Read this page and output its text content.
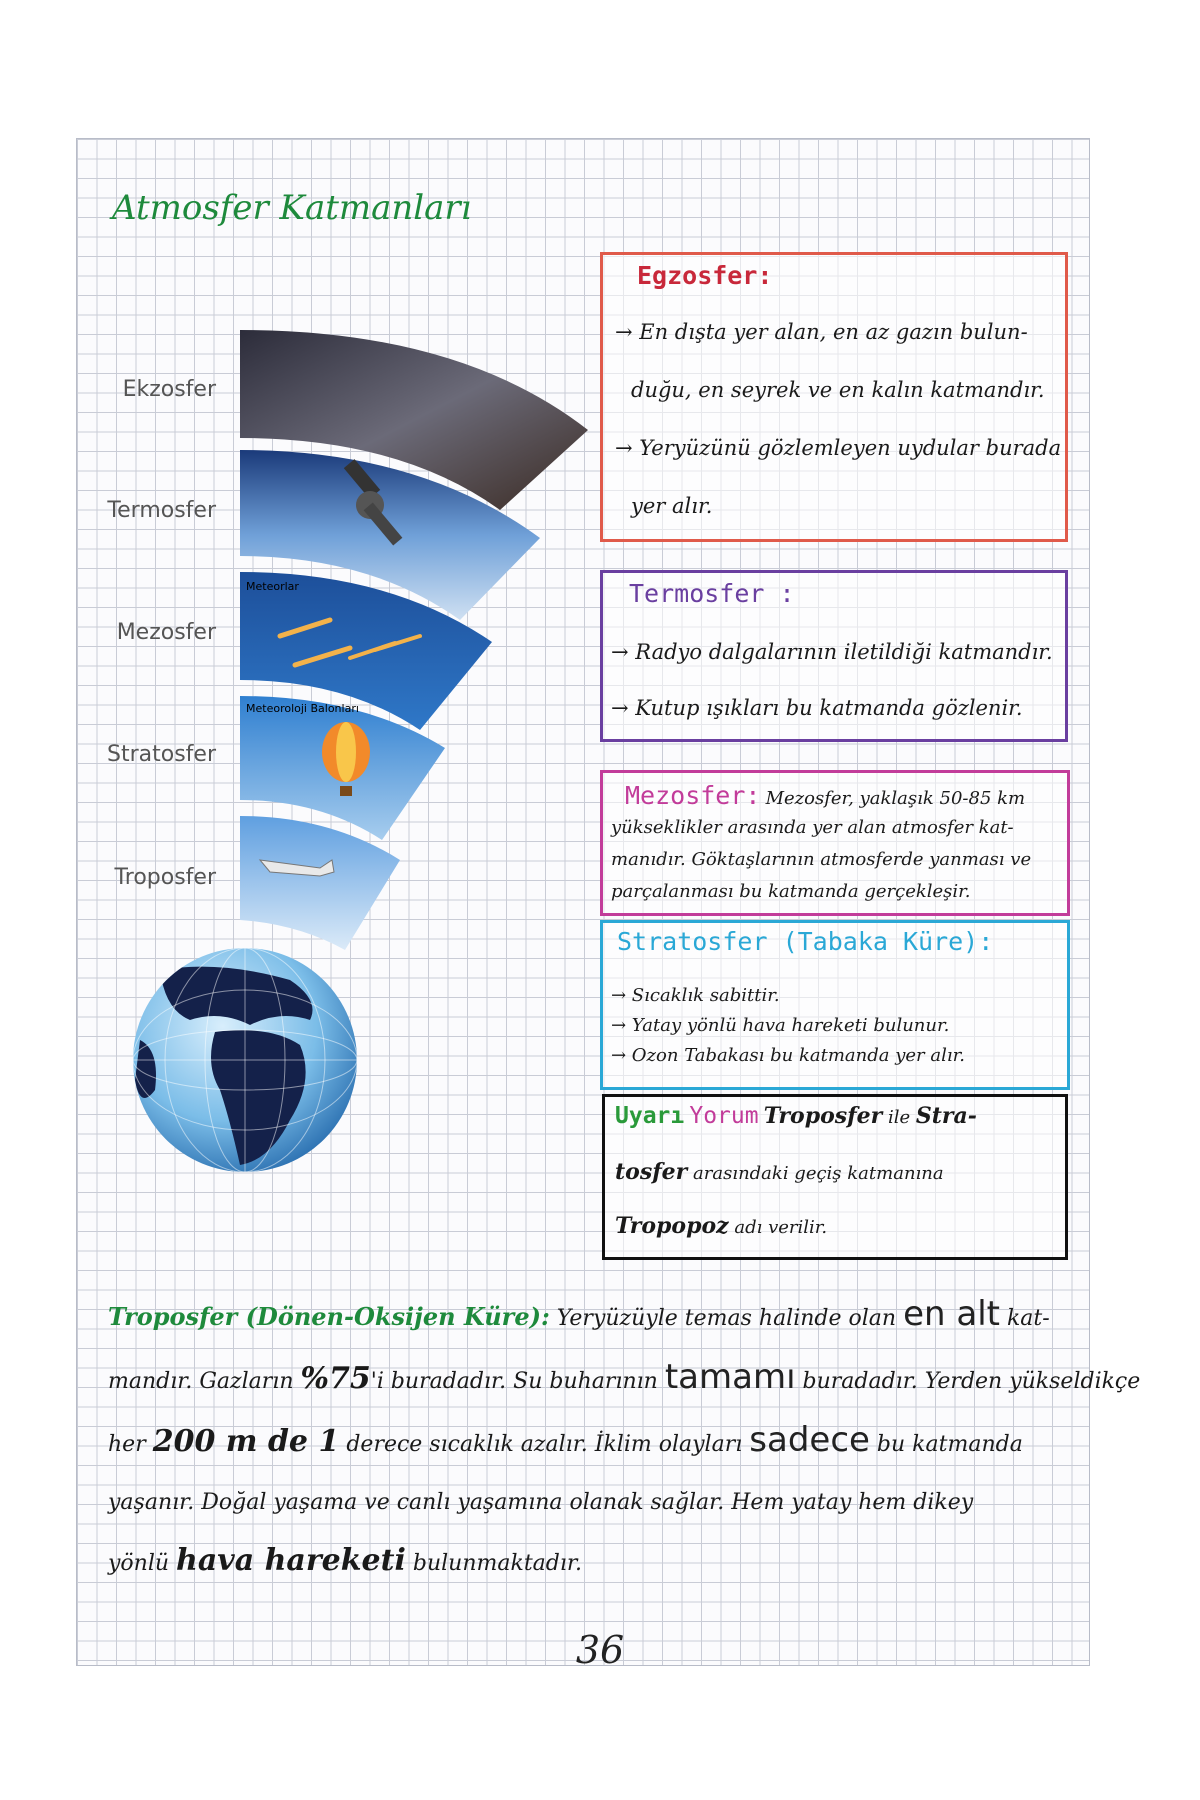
Atmosfer Katmanları
Meteorlar
Meteoroloji Balonları
Ekzosfer
Termosfer
Mezosfer
Stratosfer
Troposfer
Egzosfer:
→ En dışta yer alan, en az gazın bulun-
duğu, en seyrek ve en kalın katmandır.
→ Yeryüzünü gözlemleyen uydular burada
yer alır.
Termosfer :
→ Radyo dalgalarının iletildiği katmandır.
→ Kutup ışıkları bu katmanda gözlenir.
Mezosfer: Mezosfer, yaklaşık 50-85 km
yükseklikler arasında yer alan atmosfer kat-
manıdır. Göktaşlarının atmosferde yanması ve
parçalanması bu katmanda gerçekleşir.
Stratosfer (Tabaka Küre):
→ Sıcaklık sabittir.
→ Yatay yönlü hava hareketi bulunur.
→ Ozon Tabakası bu katmanda yer alır.
Uyarı Yorum Troposfer ile Stra-
tosfer arasındaki geçiş katmanına
Tropopoz adı verilir.
Troposfer (Dönen-Oksijen Küre): Yeryüzüyle temas halinde olan en alt kat-
mandır. Gazların %75'i buradadır. Su buharının tamamı buradadır. Yerden yükseldikçe
her 200 m de 1 derece sıcaklık azalır. İklim olayları sadece bu katmanda
yaşanır. Doğal yaşama ve canlı yaşamına olanak sağlar. Hem yatay hem dikey
yönlü hava hareketi bulunmaktadır.
36
